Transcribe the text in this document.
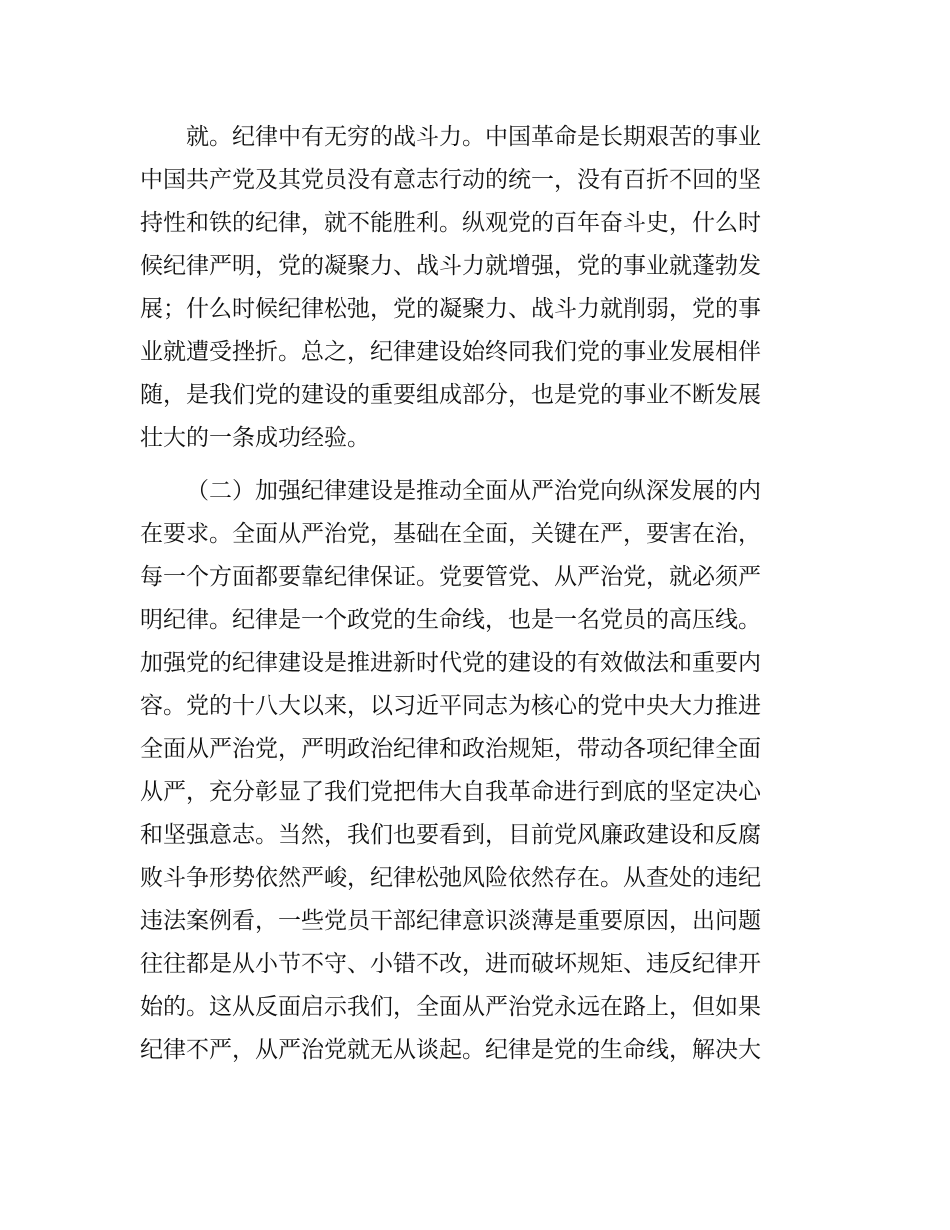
就。纪律中有无穷的战斗力。中国革命是长期艰苦的事业
中国共产党及其党员没有意志行动的统一，没有百折不回的坚
持性和铁的纪律，就不能胜利。纵观党的百年奋斗史，什么时
候纪律严明，党的凝聚力、战斗力就增强，党的事业就蓬勃发
展；什么时候纪律松弛，党的凝聚力、战斗力就削弱，党的事
业就遭受挫折。总之，纪律建设始终同我们党的事业发展相伴
随，是我们党的建设的重要组成部分，也是党的事业不断发展
壮大的一条成功经验。
（二）加强纪律建设是推动全面从严治党向纵深发展的内
在要求。全面从严治党，基础在全面，关键在严，要害在治，
每一个方面都要靠纪律保证。党要管党、从严治党，就必须严
明纪律。纪律是一个政党的生命线，也是一名党员的高压线。
加强党的纪律建设是推进新时代党的建设的有效做法和重要内
容。党的十八大以来，以习近平同志为核心的党中央大力推进
全面从严治党，严明政治纪律和政治规矩，带动各项纪律全面
从严，充分彰显了我们党把伟大自我革命进行到底的坚定决心
和坚强意志。当然，我们也要看到，目前党风廉政建设和反腐
败斗争形势依然严峻，纪律松弛风险依然存在。从查处的违纪
违法案例看，一些党员干部纪律意识淡薄是重要原因，出问题
往往都是从小节不守、小错不改，进而破坏规矩、违反纪律开
始的。这从反面启示我们，全面从严治党永远在路上，但如果
纪律不严，从严治党就无从谈起。纪律是党的生命线，解决大
